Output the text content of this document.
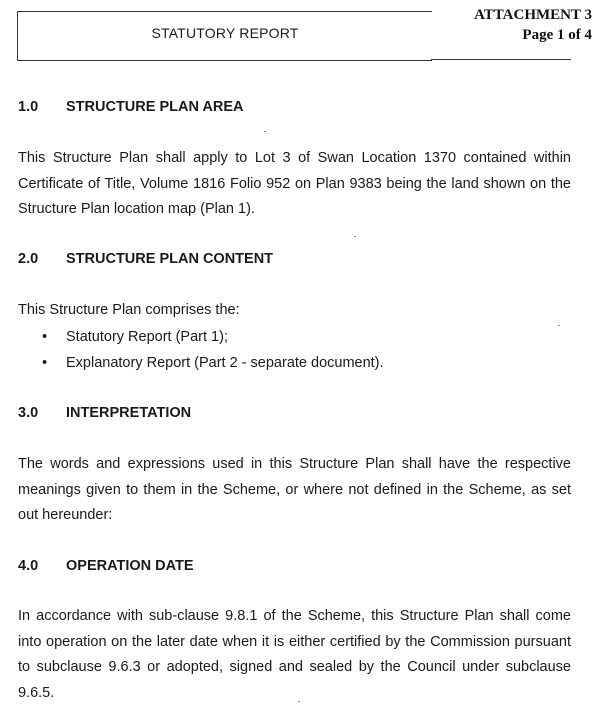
ATTACHMENT 3
Page 1 of 4
STATUTORY REPORT
1.0 STRUCTURE PLAN AREA
This Structure Plan shall apply to Lot 3 of Swan Location 1370 contained within
Certificate of Title, Volume 1816 Folio 952 on Plan 9383 being the land shown on the
Structure Plan location map (Plan 1).
2.0 STRUCTURE PLAN CONTENT
This Structure Plan comprises the:
• Statutory Report (Part 1);
• Explanatory Report (Part 2 - separate document).
3.0 INTERPRETATION
The words and expressions used in this Structure Plan shall have the respective
meanings given to them in the Scheme, or where not defined in the Scheme, as set
out hereunder:
4.0 OPERATION DATE
In accordance with sub-clause 9.8.1 of the Scheme, this Structure Plan shall come
into operation on the later date when it is either certified by the Commission pursuant
to subclause 9.6.3 or adopted, signed and sealed by the Council under subclause
9.6.5.
